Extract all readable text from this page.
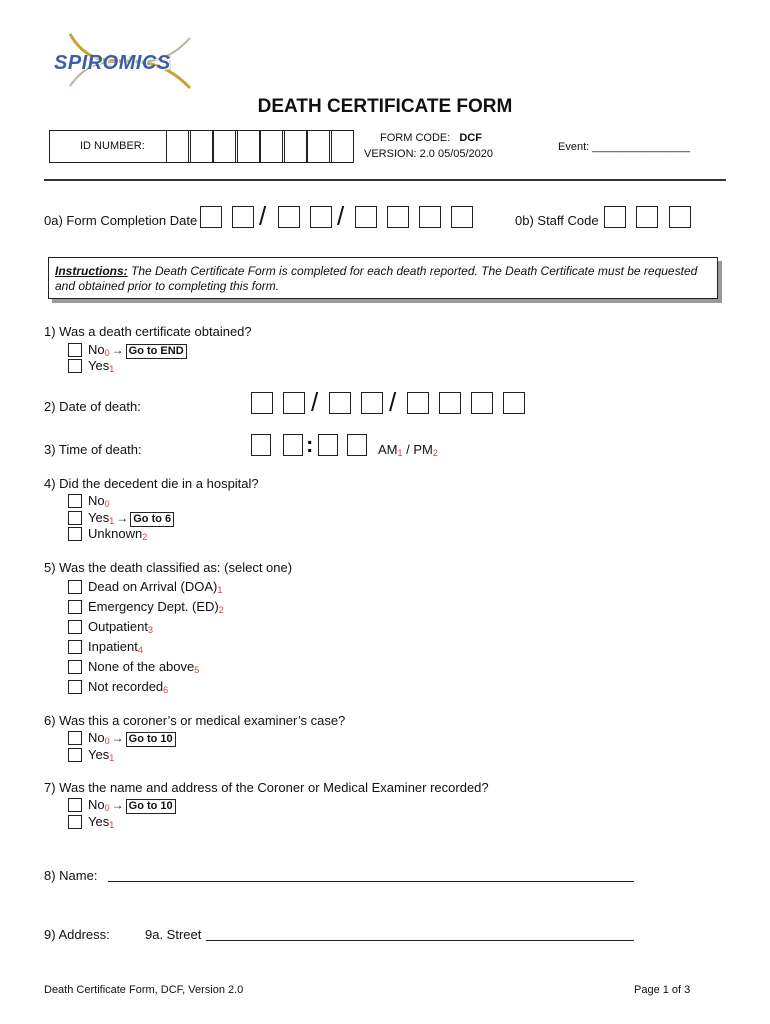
SPIROMICS
DEATH CERTIFICATE FORM
ID NUMBER:
FORM CODE: DCF
VERSION: 2.0 05/05/2020
Event: ________________
0a) Form Completion Date /	/	0b) Staff Code
Instructions: The Death Certificate Form is completed for each death reported. The Death Certificate must be requested and obtained prior to completing this form.
1) Was a death certificate obtained?
No0 → Go to END
Yes1
2) Date of death:	/	/
3) Time of death:	:	AM1 / PM2
4) Did the decedent die in a hospital?
No0
Yes1 → Go to 6
Unknown2
5) Was the death classified as: (select one)
Dead on Arrival (DOA)1
Emergency Dept. (ED)2
Outpatient3
Inpatient4
None of the above5
Not recorded6
6) Was this a coroner’s or medical examiner’s case?
No0 → Go to 10
Yes1
7) Was the name and address of the Coroner or Medical Examiner recorded?
No0 → Go to 10
Yes1
8) Name:
9) Address:	9a. Street
Death Certificate Form, DCF, Version 2.0	Page 1 of 3
